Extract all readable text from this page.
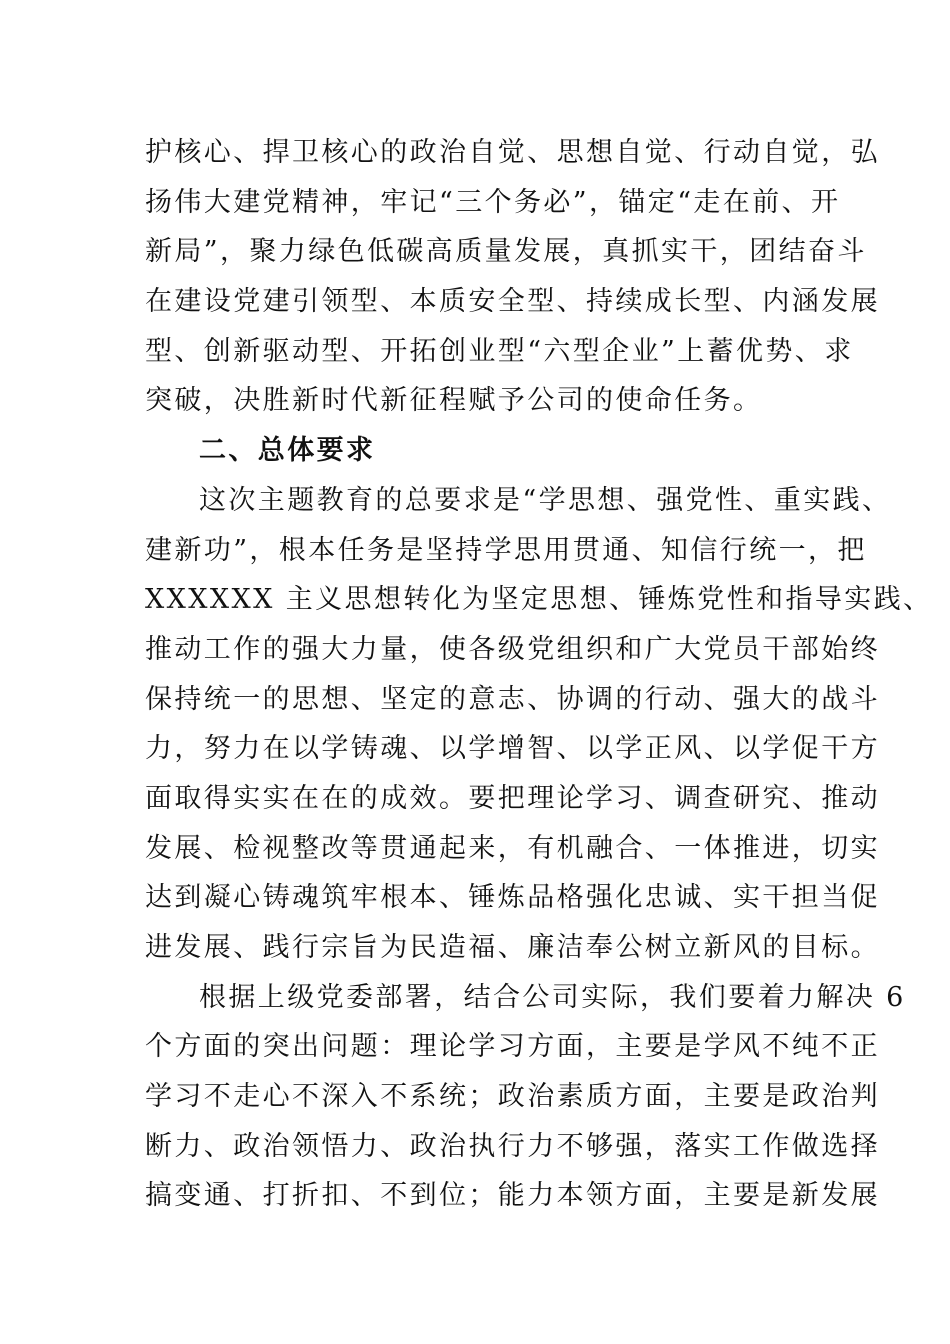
护核心、捍卫核心的政治自觉、思想自觉、行动自觉，弘
扬伟大建党精神，牢记“三个务必”，锚定“走在前、开
新局”，聚力绿色低碳高质量发展，真抓实干，团结奋斗
在建设党建引领型、本质安全型、持续成长型、内涵发展
型、创新驱动型、开拓创业型“六型企业”上蓄优势、求
突破，决胜新时代新征程赋予公司的使命任务。
二、总体要求
这次主题教育的总要求是“学思想、强党性、重实践、
建新功”，根本任务是坚持学思用贯通、知信行统一，把
XXXXXX 主义思想转化为坚定思想、锤炼党性和指导实践、
推动工作的强大力量，使各级党组织和广大党员干部始终
保持统一的思想、坚定的意志、协调的行动、强大的战斗
力，努力在以学铸魂、以学增智、以学正风、以学促干方
面取得实实在在的成效。要把理论学习、调查研究、推动
发展、检视整改等贯通起来，有机融合、一体推进，切实
达到凝心铸魂筑牢根本、锤炼品格强化忠诚、实干担当促
进发展、践行宗旨为民造福、廉洁奉公树立新风的目标。
根据上级党委部署，结合公司实际，我们要着力解决 6
个方面的突出问题：理论学习方面，主要是学风不纯不正
学习不走心不深入不系统；政治素质方面，主要是政治判
断力、政治领悟力、政治执行力不够强，落实工作做选择
搞变通、打折扣、不到位；能力本领方面，主要是新发展
